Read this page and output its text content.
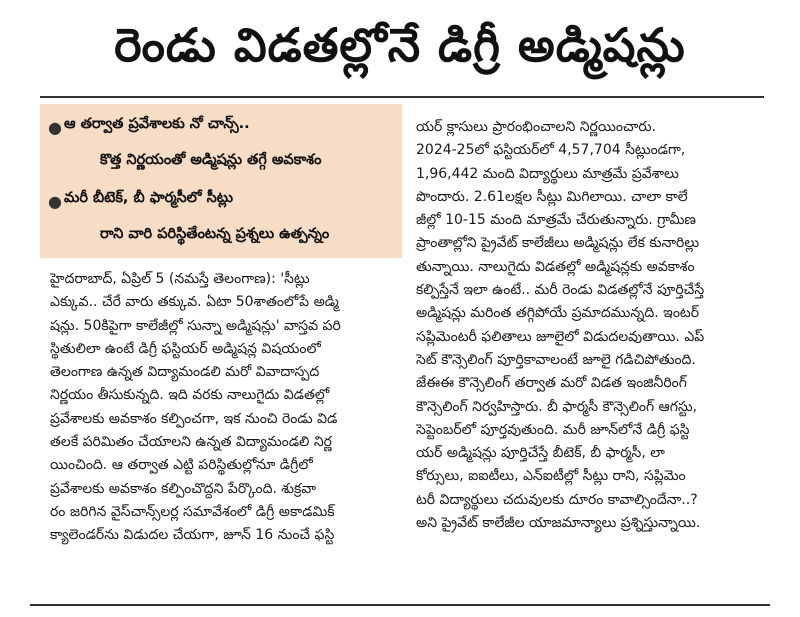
రెండు విడతల్లోనే డిగ్రీ అడ్మిషన్లు
● ఆ తర్వాత ప్రవేశాలకు నో చాన్స్..
కొత్త నిర్ణయంతో అడ్మిషన్లు తగ్గే అవకాశం
● మరీ బీటెక్, బీ ఫార్మసీలో సీట్లు
రాని వారి పరిస్థితేంటన్న ప్రశ్నలు ఉత్పన్నం
హైదరాబాద్, ఏప్రిల్ 5 (నమస్తే తెలంగాణ): 'సీట్లు
ఎక్కువ.. చేరే వారు తక్కువ. ఏటా 50శాతంలోపే అడ్మి
షన్లు. 50కిపైగా కాలేజీల్లో సున్నా అడ్మిషన్లు' వాస్తవ పరి
స్థితులిలా ఉంటే డిగ్రీ ఫస్టియర్ అడ్మిషన్ల విషయంలో
తెలంగాణ ఉన్నత విద్యామండలి మరో వివాదాస్పద
నిర్ణయం తీసుకున్నది. ఇది వరకు నాలుగైదు విడతల్లో
ప్రవేశాలకు అవకాశం కల్పించగా, ఇక నుంచి రెండు విడ
తలకే పరిమితం చేయాలని ఉన్నత విద్యామండలి నిర్ణ
యించింది. ఆ తర్వాత ఎట్టి పరిస్థితుల్లోనూ డిగ్రీలో
ప్రవేశాలకు అవకాశం కల్పించొద్దని పేర్కొంది. శుక్రవా
రం జరిగిన వైస్‌చాన్స్‌లర్ల సమావేశంలో డిగ్రీ అకాడమిక్
క్యాలెండర్‌ను విడుదల చేయగా, జూన్ 16 నుంచే ఫస్టి
యర్ క్లాసులు ప్రారంభించాలని నిర్ణయించారు.
2024-25లో ఫస్టియర్‌లో 4,57,704 సీట్లుండగా,
1,96,442 మంది విద్యార్థులు మాత్రమే ప్రవేశాలు
పొందారు. 2.61లక్షల సీట్లు మిగిలాయి. చాలా కాలే
జీల్లో 10-15 మంది మాత్రమే చేరుతున్నారు. గ్రామీణ
ప్రాంతాల్లోని ప్రైవేట్ కాలేజీలు అడ్మిషన్లు లేక కునారిల్లు
తున్నాయి. నాలుగైదు విడతల్లో అడ్మిషన్లకు అవకాశం
కల్పిస్తేనే ఇలా ఉంటే.. మరీ రెండు విడతల్లోనే పూర్తిచేస్తే
అడ్మిషన్లు మరింత తగ్గిపోయే ప్రమాదమున్నది. ఇంటర్
సప్లిమెంటరీ ఫలితాలు జూలైలో విడుదలవుతాయి. ఎప్
సెట్ కౌన్సెలింగ్ పూర్తికావాలంటే జూలై గడిచిపోతుంది.
జేఈఈ కౌన్సెలింగ్ తర్వాత మరో విడత ఇంజినీరింగ్
కౌన్సెలింగ్ నిర్వహిస్తారు. బీ ఫార్మసీ కౌన్సెలింగ్ ఆగస్టు,
సెప్టెంబర్‌లో పూర్తవుతుంది. మరీ జూన్‌లోనే డిగ్రీ ఫస్టి
యర్ అడ్మిషన్లు పూర్తిచేస్తే బీటెక్, బీ ఫార్మసీ, లా
కోర్సులు, ఐఐటీలు, ఎన్ఐటీల్లో సీట్లు రాని, సప్లిమెం
టరీ విద్యార్థులు చదువులకు దూరం కావాల్సిందేనా..?
అని ప్రైవేట్ కాలేజీల యాజమాన్యాలు ప్రశ్నిస్తున్నాయి.
